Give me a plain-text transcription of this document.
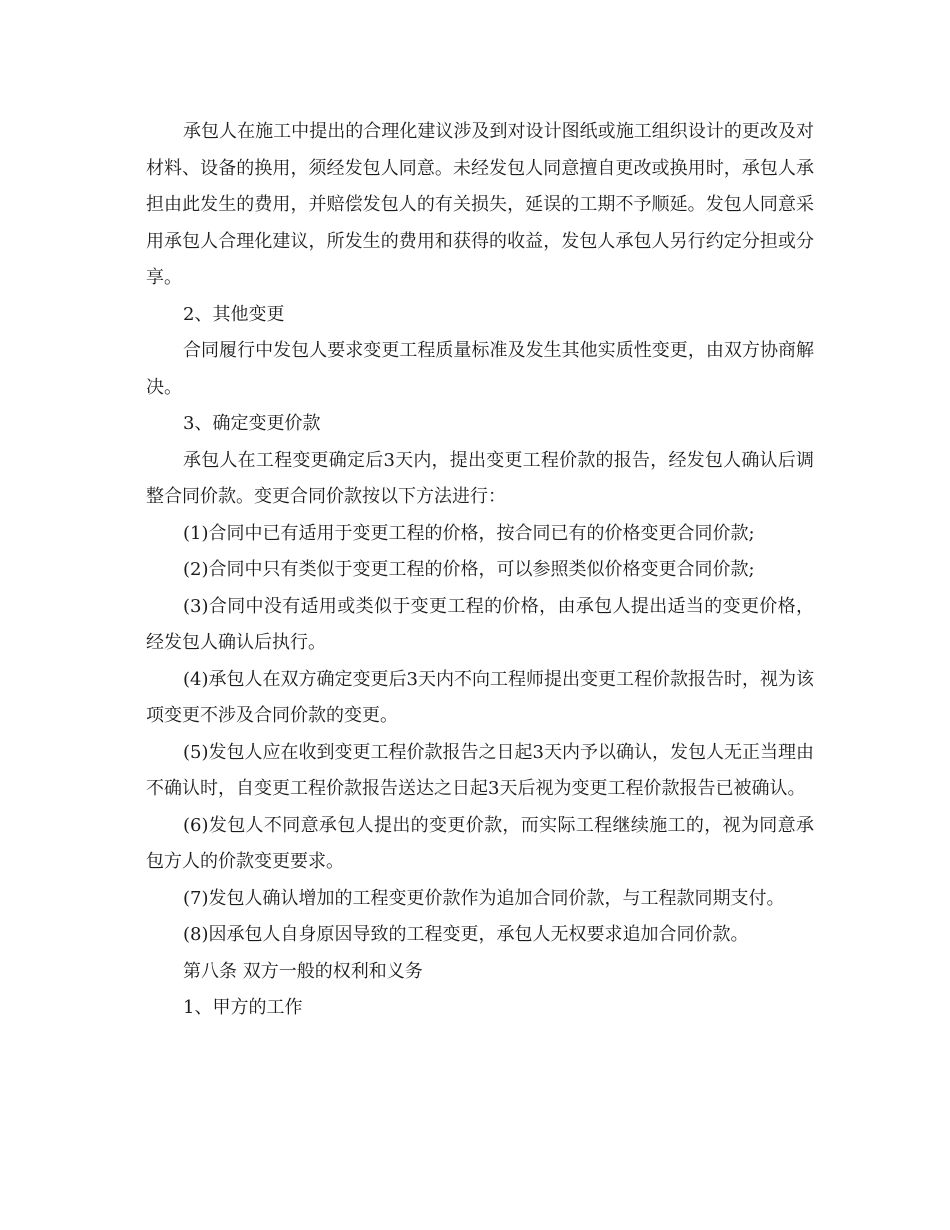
承包人在施工中提出的合理化建议涉及到对设计图纸或施工组织设计的更改及对材料、设备的换用，须经发包人同意。未经发包人同意擅自更改或换用时，承包人承担由此发生的费用，并赔偿发包人的有关损失，延误的工期不予顺延。发包人同意采用承包人合理化建议，所发生的费用和获得的收益，发包人承包人另行约定分担或分享。

2、其他变更

合同履行中发包人要求变更工程质量标准及发生其他实质性变更，由双方协商解决。

3、确定变更价款

承包人在工程变更确定后3天内，提出变更工程价款的报告，经发包人确认后调整合同价款。变更合同价款按以下方法进行：

(1)合同中已有适用于变更工程的价格，按合同已有的价格变更合同价款;

(2)合同中只有类似于变更工程的价格，可以参照类似价格变更合同价款;

(3)合同中没有适用或类似于变更工程的价格，由承包人提出适当的变更价格，经发包人确认后执行。

(4)承包人在双方确定变更后3天内不向工程师提出变更工程价款报告时，视为该项变更不涉及合同价款的变更。

(5)发包人应在收到变更工程价款报告之日起3天内予以确认，发包人无正当理由不确认时，自变更工程价款报告送达之日起3天后视为变更工程价款报告已被确认。

(6)发包人不同意承包人提出的变更价款，而实际工程继续施工的，视为同意承包方人的价款变更要求。

(7)发包人确认增加的工程变更价款作为追加合同价款，与工程款同期支付。

(8)因承包人自身原因导致的工程变更，承包人无权要求追加合同价款。

第八条 双方一般的权利和义务

1、甲方的工作
